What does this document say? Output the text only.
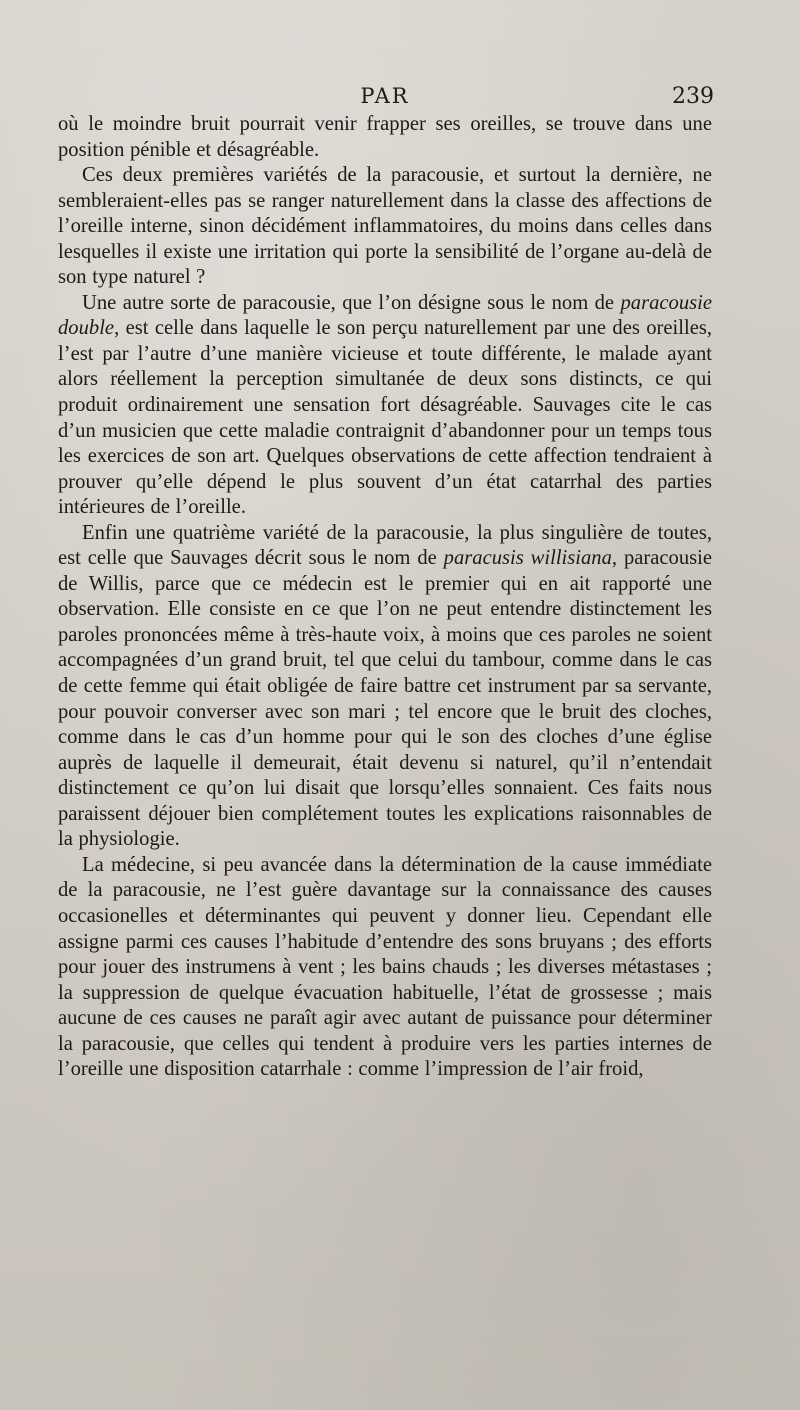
PAR	239

où le moindre bruit pourrait venir frapper ses oreilles, se trouve dans une position pénible et désagréable.

Ces deux premières variétés de la paracousie, et surtout la dernière, ne sembleraient-elles pas se ranger naturellement dans la classe des affections de l’oreille interne, sinon décidément inflammatoires, du moins dans celles dans lesquelles il existe une irritation qui porte la sensibilité de l’organe au-delà de son type naturel ?

Une autre sorte de paracousie, que l’on désigne sous le nom de paracousie double, est celle dans laquelle le son perçu naturellement par une des oreilles, l’est par l’autre d’une manière vicieuse et toute différente, le malade ayant alors réellement la perception simultanée de deux sons distincts, ce qui produit ordinairement une sensation fort désagréable. Sauvages cite le cas d’un musicien que cette maladie contraignit d’abandonner pour un temps tous les exercices de son art. Quelques observations de cette affection tendraient à prouver qu’elle dépend le plus souvent d’un état catarrhal des parties intérieures de l’oreille.

Enfin une quatrième variété de la paracousie, la plus singulière de toutes, est celle que Sauvages décrit sous le nom de paracusis willisiana, paracousie de Willis, parce que ce médecin est le premier qui en ait rapporté une observation. Elle consiste en ce que l’on ne peut entendre distinctement les paroles prononcées même à très-haute voix, à moins que ces paroles ne soient accompagnées d’un grand bruit, tel que celui du tambour, comme dans le cas de cette femme qui était obligée de faire battre cet instrument par sa servante, pour pouvoir converser avec son mari ; tel encore que le bruit des cloches, comme dans le cas d’un homme pour qui le son des cloches d’une église auprès de laquelle il demeurait, était devenu si naturel, qu’il n’entendait distinctement ce qu’on lui disait que lorsqu’elles sonnaient. Ces faits nous paraissent déjouer bien complétement toutes les explications raisonnables de la physiologie.

La médecine, si peu avancée dans la détermination de la cause immédiate de la paracousie, ne l’est guère davantage sur la connaissance des causes occasionelles et déterminantes qui peuvent y donner lieu. Cependant elle assigne parmi ces causes l’habitude d’entendre des sons bruyans ; des efforts pour jouer des instrumens à vent ; les bains chauds ; les diverses métastases ; la suppression de quelque évacuation habituelle, l’état de grossesse ; mais aucune de ces causes ne paraît agir avec autant de puissance pour déterminer la paracousie, que celles qui tendent à produire vers les parties internes de l’oreille une disposition catarrhale : comme l’impression de l’air froid,
